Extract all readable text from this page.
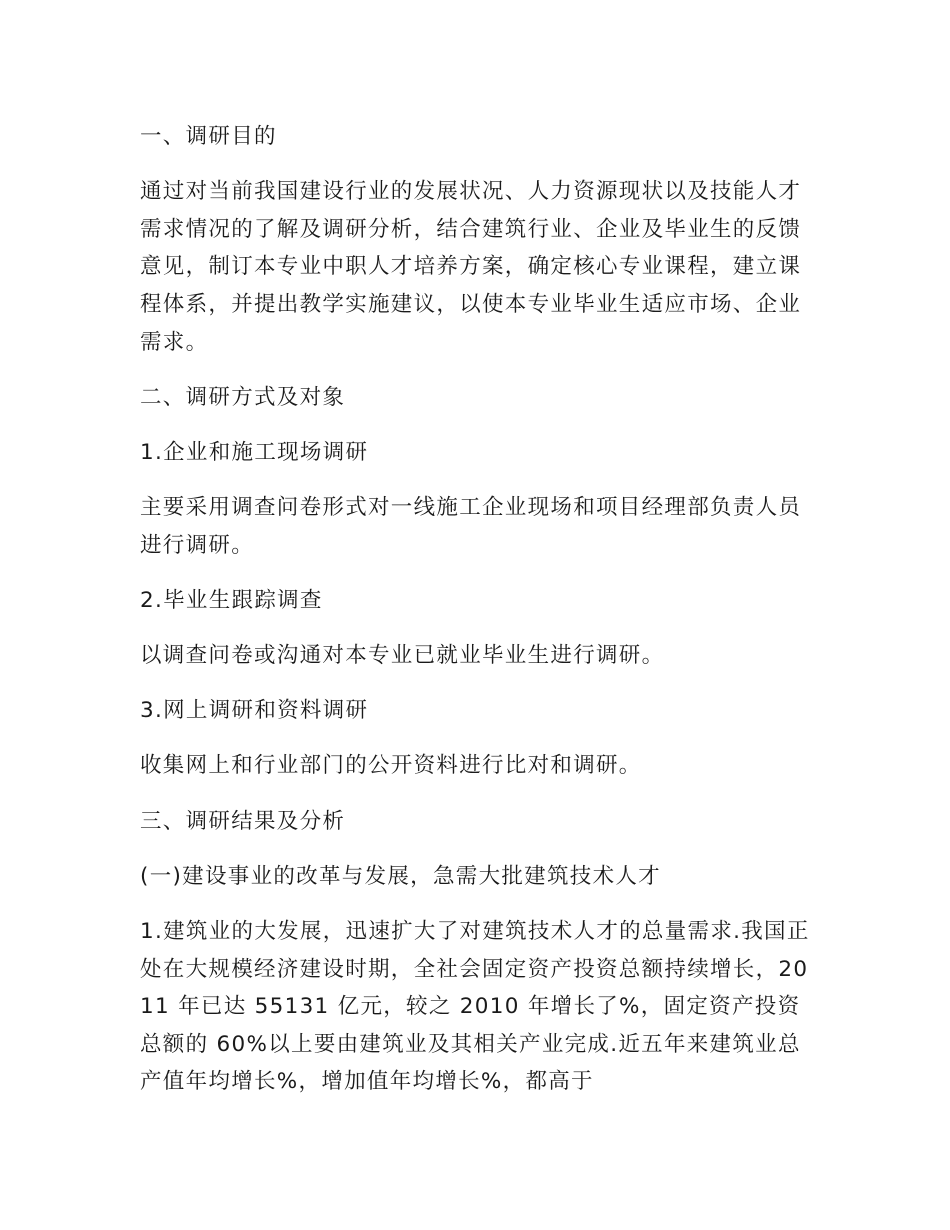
一、调研目的

通过对当前我国建设行业的发展状况、人力资源现状以及技能人才需求情况的了解及调研分析，结合建筑行业、企业及毕业生的反馈意见，制订本专业中职人才培养方案，确定核心专业课程，建立课程体系，并提出教学实施建议，以使本专业毕业生适应市场、企业需求。

二、调研方式及对象

1.企业和施工现场调研

主要采用调查问卷形式对一线施工企业现场和项目经理部负责人员进行调研。

2.毕业生跟踪调查

以调查问卷或沟通对本专业已就业毕业生进行调研。

3.网上调研和资料调研

收集网上和行业部门的公开资料进行比对和调研。

三、调研结果及分析

(一)建设事业的改革与发展，急需大批建筑技术人才

1.建筑业的大发展，迅速扩大了对建筑技术人才的总量需求.我国正处在大规模经济建设时期，全社会固定资产投资总额持续增长，2011 年已达 55131 亿元，较之 2010 年增长了%，固定资产投资总额的 60%以上要由建筑业及其相关产业完成.近五年来建筑业总产值年均增长%，增加值年均增长%，都高于
